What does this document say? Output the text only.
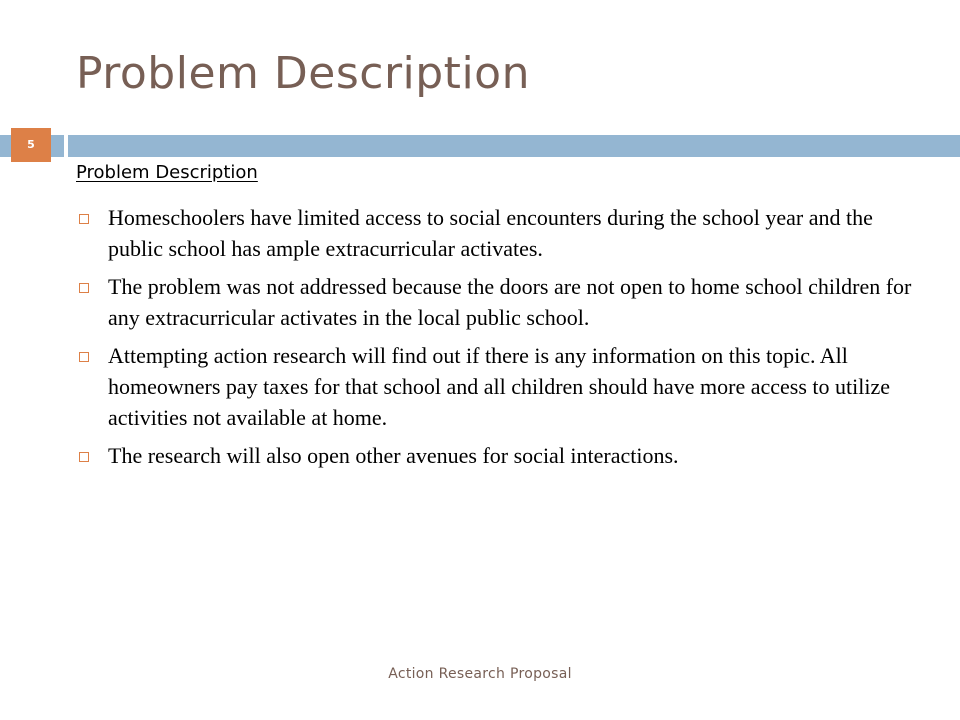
Problem Description
5
Problem Description
Homeschoolers have limited access to social encounters during the school year and the public school has ample extracurricular activates.
The problem was not addressed because the doors are not open to home school children for any extracurricular activates in the local public school.
Attempting action research will find out if there is any information on this topic. All homeowners pay taxes for that school and all children should have more access to utilize activities not available at home.
The research will also open other avenues for social interactions.
Action Research Proposal
